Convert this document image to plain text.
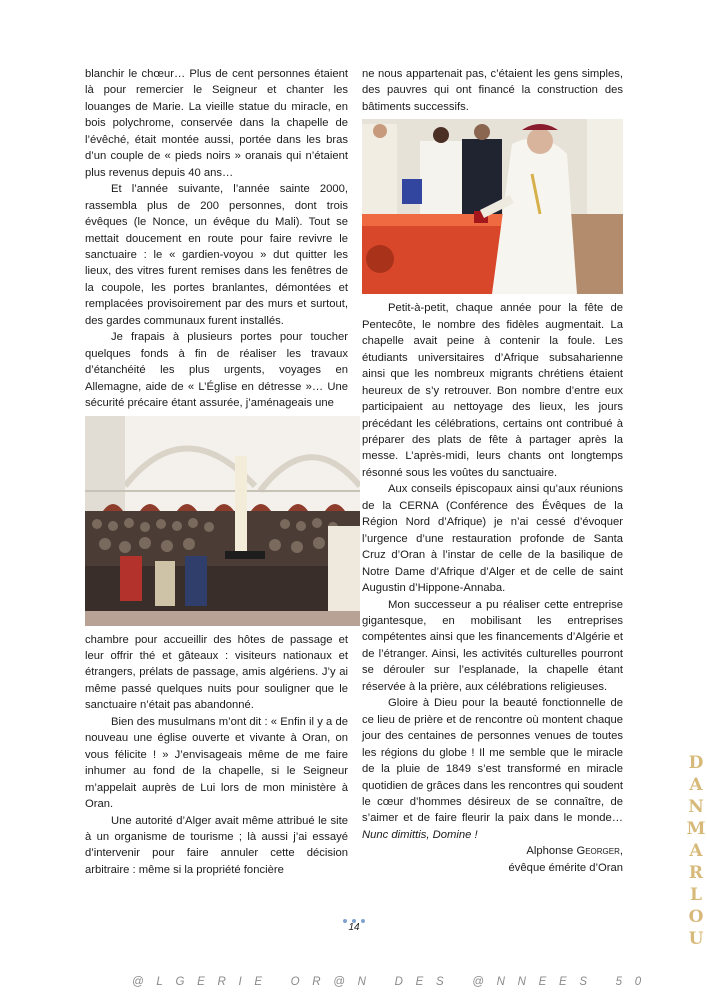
blanchir le chœur… Plus de cent personnes étaient là pour remercier le Seigneur et chanter les louanges de Marie. La vieille statue du miracle, en bois polychrome, conservée dans la chapelle de l’évêché, était montée aussi, portée dans les bras d’un couple de « pieds noirs » oranais qui n’étaient plus revenus depuis 40 ans…

Et l’année suivante, l’année sainte 2000, rassembla plus de 200 personnes, dont trois évêques (le Nonce, un évêque du Mali). Tout se mettait doucement en route pour faire revivre le sanctuaire : le « gardien-voyou » dut quitter les lieux, des vitres furent remises dans les fenêtres de la coupole, les portes branlantes, démontées et remplacées provisoirement par des murs et surtout, des gardes communaux furent installés.

Je frapais à plusieurs portes pour toucher quelques fonds à fin de réaliser les travaux d’étanchéité les plus urgents, voyages en Allemagne, aide de « L’Église en détresse »… Une sécurité précaire étant assurée, j’aménageais une

chambre pour accueillir des hôtes de passage et leur offrir thé et gâteaux : visiteurs nationaux et étrangers, prélats de passage, amis algériens. J’y ai même passé quelques nuits pour souligner que le sanctuaire n’était pas abandonné.

Bien des musulmans m’ont dit : « Enfin il y a de nouveau une église ouverte et vivante à Oran, on vous félicite ! » J’envisageais même de me faire inhumer au fond de la chapelle, si le Seigneur m’appelait auprès de Lui lors de mon ministère à Oran.

Une autorité d’Alger avait même attribué le site à un organisme de tourisme ; là aussi j’ai essayé d’intervenir pour faire annuler cette décision arbitraire : même si la propriété foncière

ne nous appartenait pas, c’étaient les gens simples, des pauvres qui ont financé la construction des bâtiments successifs.

Petit-à-petit, chaque année pour la fête de Pentecôte, le nombre des fidèles augmentait. La chapelle avait peine à contenir la foule. Les étudiants universitaires d’Afrique subsaharienne ainsi que les nombreux migrants chrétiens étaient heureux de s’y retrouver. Bon nombre d’entre eux participaient au nettoyage des lieux, les jours précédant les célébrations, certains ont contribué à préparer des plats de fête à partager après la messe. L’après-midi, leurs chants ont longtemps résonné sous les voûtes du sanctuaire.

Aux conseils épiscopaux ainsi qu’aux réunions de la CERNA (Conférence des Évêques de la Région Nord d’Afrique) je n’ai cessé d’évoquer l’urgence d’une restauration profonde de Santa Cruz d’Oran à l’instar de celle de la basilique de Notre Dame d’Afrique d’Alger et de celle de saint Augustin d’Hippone-Annaba.

Mon successeur a pu réaliser cette entreprise gigantesque, en mobilisant les entreprises compétentes ainsi que les financements d’Algérie et de l’étranger. Ainsi, les activités culturelles pourront se dérouler sur l’esplanade, la chapelle étant réservée à la prière, aux célébrations religieuses.

Gloire à Dieu pour la beauté fonctionnelle de ce lieu de prière et de rencontre où montent chaque jour des centaines de personnes venues de toutes les régions du globe ! Il me semble que le miracle de la pluie de 1849 s’est transformé en miracle quotidien de grâces dans les rencontres qui soudent le cœur d’hommes désireux de se connaître, de s’aimer et de faire fleurir la paix dans le monde… Nunc dimittis, Domine !

Alphonse Georger,

évêque émérite d’Oran

14
@LGERIE OR@N DES @NNEES 50
DANMARLOU
